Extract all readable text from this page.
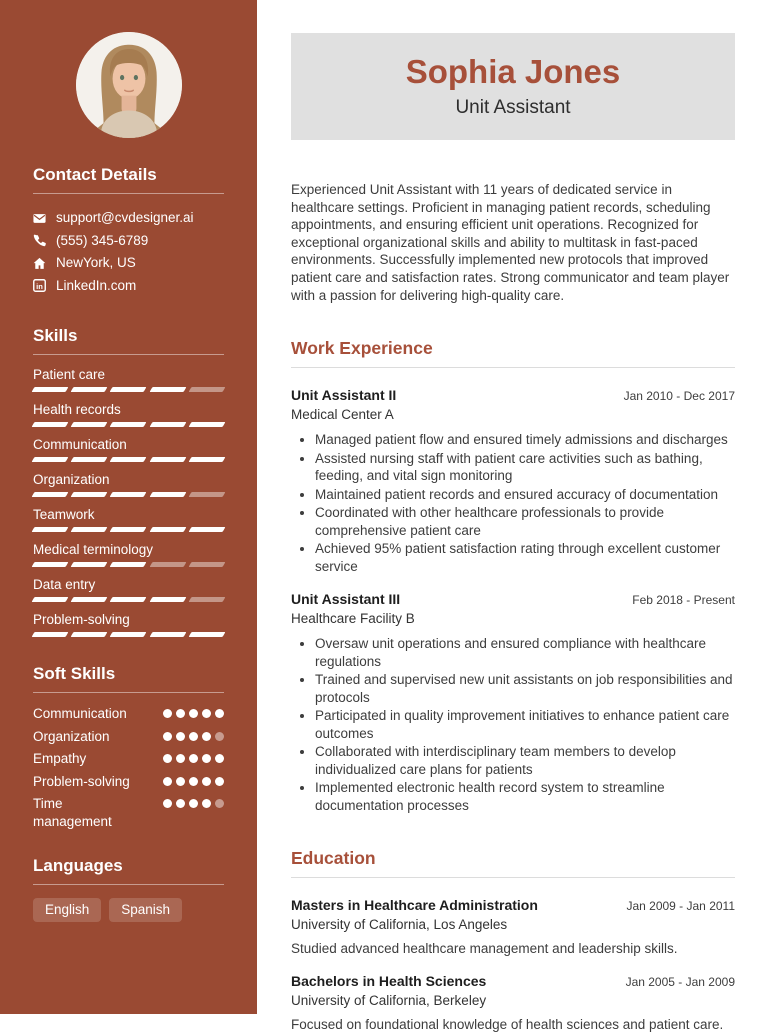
Contact Details
support@cvdesigner.ai
(555) 345-6789
NewYork, US
in LinkedIn.com
Skills
Patient care
Health records
Communication
Organization
Teamwork
Medical terminology
Data entry
Problem-solving
Soft Skills
Communication
Organization
Empathy
Problem-solving
Time management
Languages
English	Spanish
Sophia Jones
Unit Assistant

Experienced Unit Assistant with 11 years of dedicated service in healthcare settings. Proficient in managing patient records, scheduling appointments, and ensuring efficient unit operations. Recognized for exceptional organizational skills and ability to multitask in fast-paced environments. Successfully implemented new protocols that improved patient care and satisfaction rates. Strong communicator and team player with a passion for delivering high-quality care.

Work Experience
Unit Assistant II	Jan 2010 - Dec 2017
Medical Center A
• Managed patient flow and ensured timely admissions and discharges
• Assisted nursing staff with patient care activities such as bathing, feeding, and vital sign monitoring
• Maintained patient records and ensured accuracy of documentation
• Coordinated with other healthcare professionals to provide comprehensive patient care
• Achieved 95% patient satisfaction rating through excellent customer service
Unit Assistant III	Feb 2018 - Present
Healthcare Facility B
• Oversaw unit operations and ensured compliance with healthcare regulations
• Trained and supervised new unit assistants on job responsibilities and protocols
• Participated in quality improvement initiatives to enhance patient care outcomes
• Collaborated with interdisciplinary team members to develop individualized care plans for patients
• Implemented electronic health record system to streamline documentation processes
Education
Masters in Healthcare Administration	Jan 2009 - Jan 2011
University of California, Los Angeles

Studied advanced healthcare management and leadership skills.

Bachelors in Health Sciences	Jan 2005 - Jan 2009
University of California, Berkeley

Focused on foundational knowledge of health sciences and patient care.
